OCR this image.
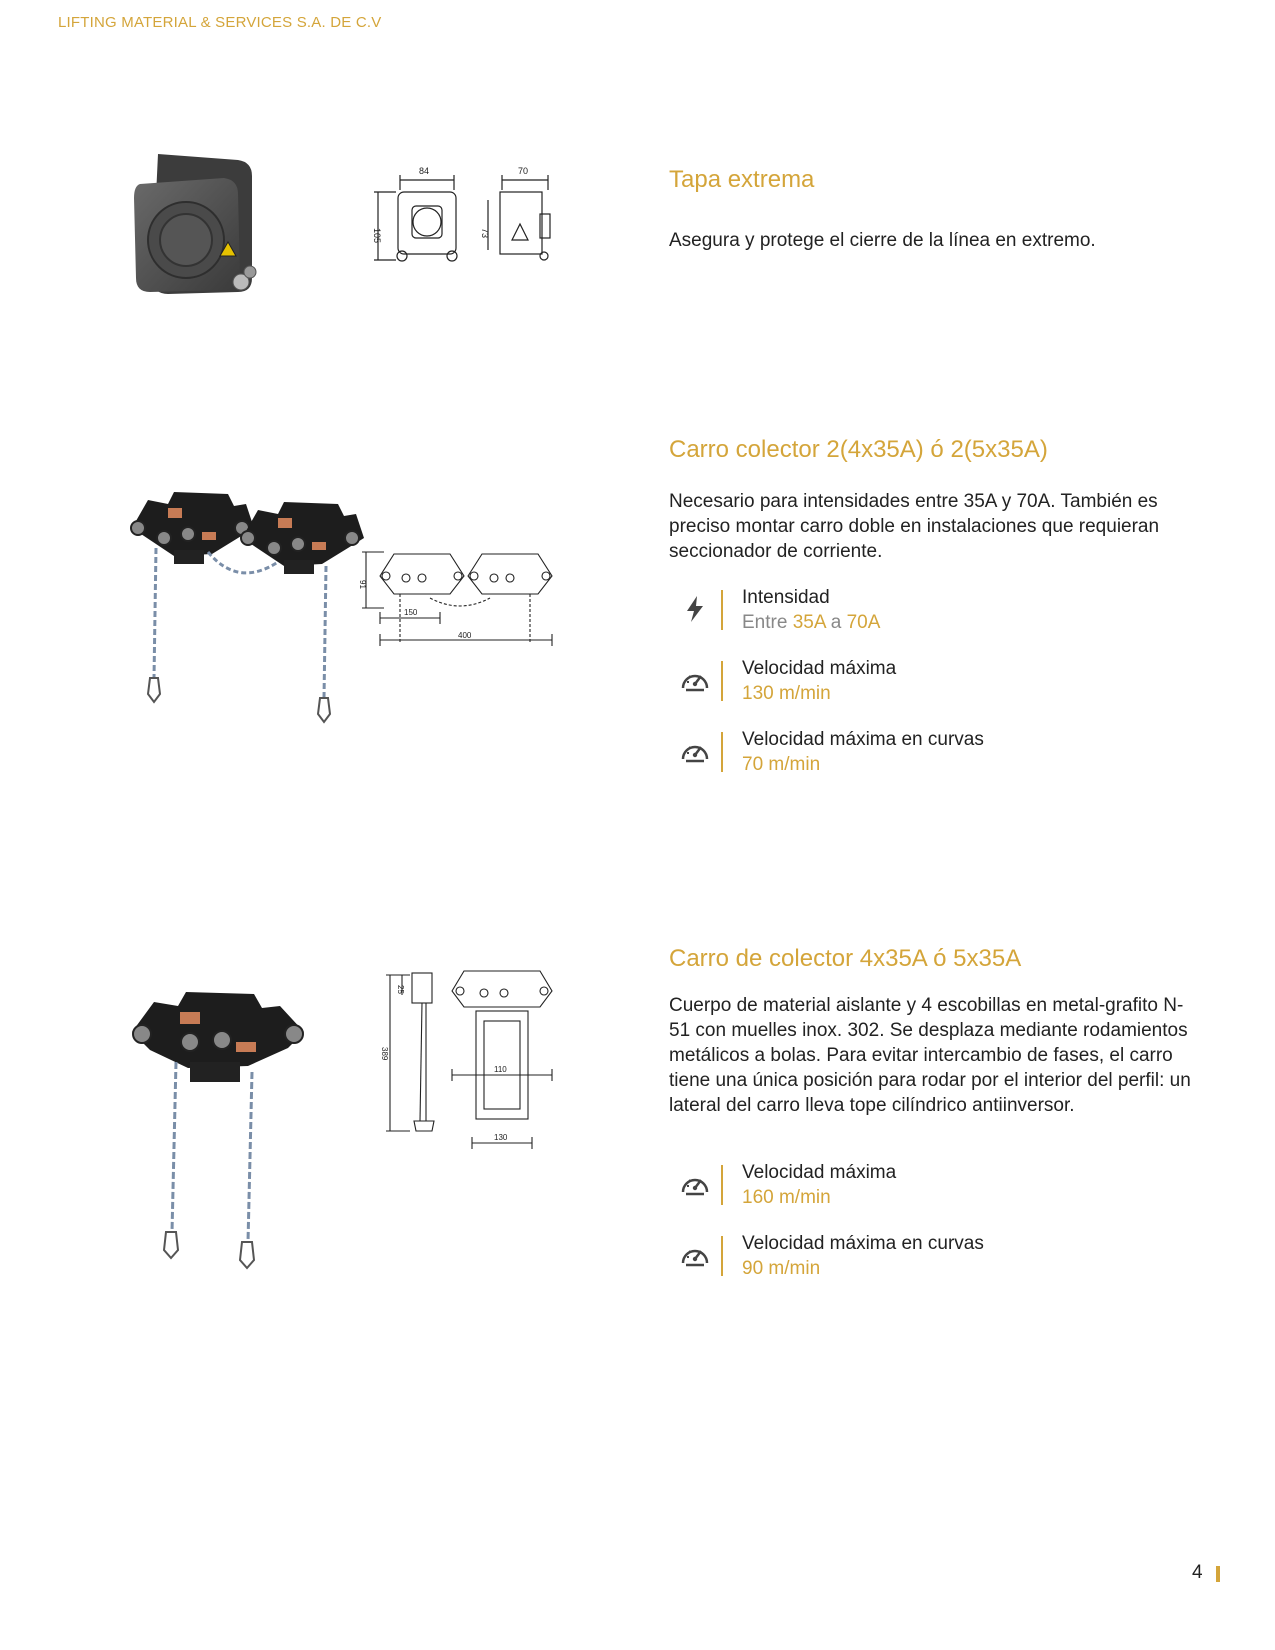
LIFTING MATERIAL & SERVICES S.A. DE C.V
84
105
70
73
Tapa extrema
Asegura y protege el cierre de la línea en extremo.
91
150
400
Carro colector 2(4x35A) ó 2(5x35A)
Necesario para intensidades entre 35A y 70A. También es preciso montar carro doble en instalaciones que requieran seccionador de corriente.
Intensidad
Entre 35A a 70A
Velocidad máxima
130 m/min
Velocidad máxima en curvas
70 m/min
25
389
110
130
Carro de colector 4x35A ó 5x35A
Cuerpo de material aislante y 4 escobillas en metal-grafito N-51 con muelles inox. 302. Se desplaza mediante rodamientos metálicos a bolas. Para evitar intercambio de fases, el carro tiene una única posición para rodar por el interior del perfil: un lateral del carro lleva tope cilíndrico antiinversor.
Velocidad máxima
160 m/min
Velocidad máxima en curvas
90 m/min
4
